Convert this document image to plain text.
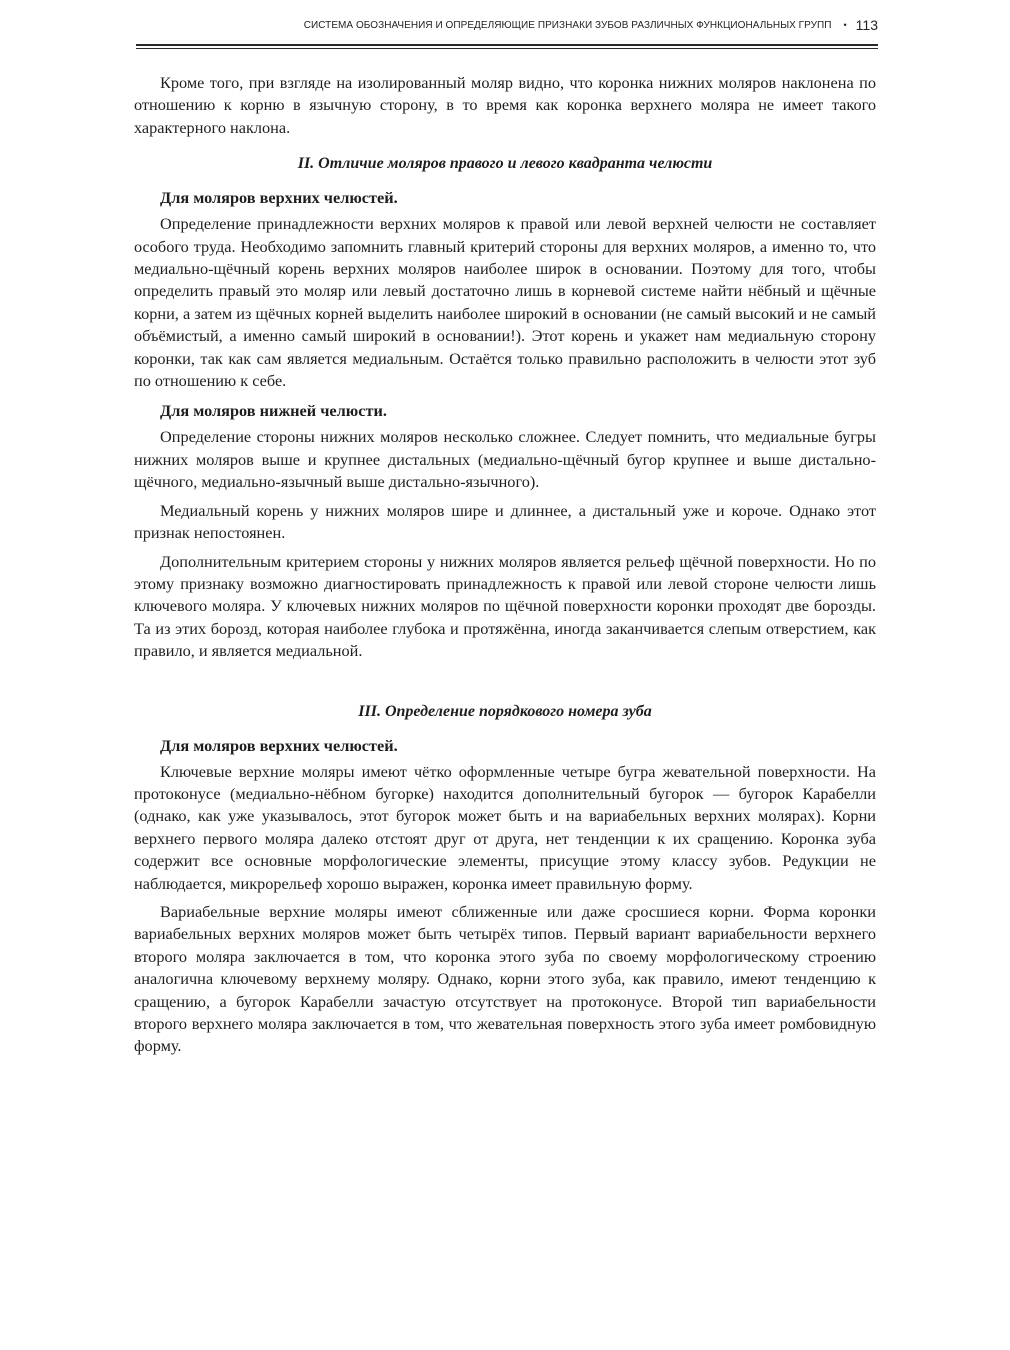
СИСТЕМА ОБОЗНАЧЕНИЯ И ОПРЕДЕЛЯЮЩИЕ ПРИЗНАКИ ЗУБОВ РАЗЛИЧНЫХ ФУНКЦИОНАЛЬНЫХ ГРУПП • 113

Кроме того, при взгляде на изолированный моляр видно, что коронка нижних моляров наклонена по отношению к корню в язычную сторону, в то время как коронка верхнего моляра не имеет такого характерного наклона.

II. Отличие моляров правого и левого квадранта челюсти
Для моляров верхних челюстей.

Определение принадлежности верхних моляров к правой или левой верхней челюсти не составляет особого труда. Необходимо запомнить главный критерий стороны для верхних моляров, а именно то, что медиально-щёчный корень верхних моляров наиболее широк в основании. Поэтому для того, чтобы определить правый это моляр или левый достаточно лишь в корневой системе найти нёбный и щёчные корни, а затем из щёчных корней выделить наиболее широкий в основании (не самый высокий и не самый объёмистый, а именно самый широкий в основании!). Этот корень и укажет нам медиальную сторону коронки, так как сам является медиальным. Остаётся только правильно расположить в челюсти этот зуб по отношению к себе.

Для моляров нижней челюсти.

Определение стороны нижних моляров несколько сложнее. Следует помнить, что медиальные бугры нижних моляров выше и крупнее дистальных (медиально-щёчный бугор крупнее и выше дистально-щёчного, медиально-язычный выше дистально-язычного).

Медиальный корень у нижних моляров шире и длиннее, а дистальный уже и короче. Однако этот признак непостоянен.

Дополнительным критерием стороны у нижних моляров является рельеф щёчной поверхности. Но по этому признаку возможно диагностировать принадлежность к правой или левой стороне челюсти лишь ключевого моляра. У ключевых нижних моляров по щёчной поверхности коронки проходят две борозды. Та из этих борозд, которая наиболее глубока и протяжённа, иногда заканчивается слепым отверстием, как правило, и является медиальной.

III. Определение порядкового номера зуба
Для моляров верхних челюстей.

Ключевые верхние моляры имеют чётко оформленные четыре бугра жевательной поверхности. На протоконусе (медиально-нёбном бугорке) находится дополнительный бугорок — бугорок Карабелли (однако, как уже указывалось, этот бугорок может быть и на вариабельных верхних молярах). Корни верхнего первого моляра далеко отстоят друг от друга, нет тенденции к их сращению. Коронка зуба содержит все основные морфологические элементы, присущие этому классу зубов. Редукции не наблюдается, микрорельеф хорошо выражен, коронка имеет правильную форму.

Вариабельные верхние моляры имеют сближенные или даже сросшиеся корни. Форма коронки вариабельных верхних моляров может быть четырёх типов. Первый вариант вариабельности верхнего второго моляра заключается в том, что коронка этого зуба по своему морфологическому строению аналогична ключевому верхнему моляру. Однако, корни этого зуба, как правило, имеют тенденцию к сращению, а бугорок Карабелли зачастую отсутствует на протоконусе. Второй тип вариабельности второго верхнего моляра заключается в том, что жевательная поверхность этого зуба имеет ромбовидную форму.
